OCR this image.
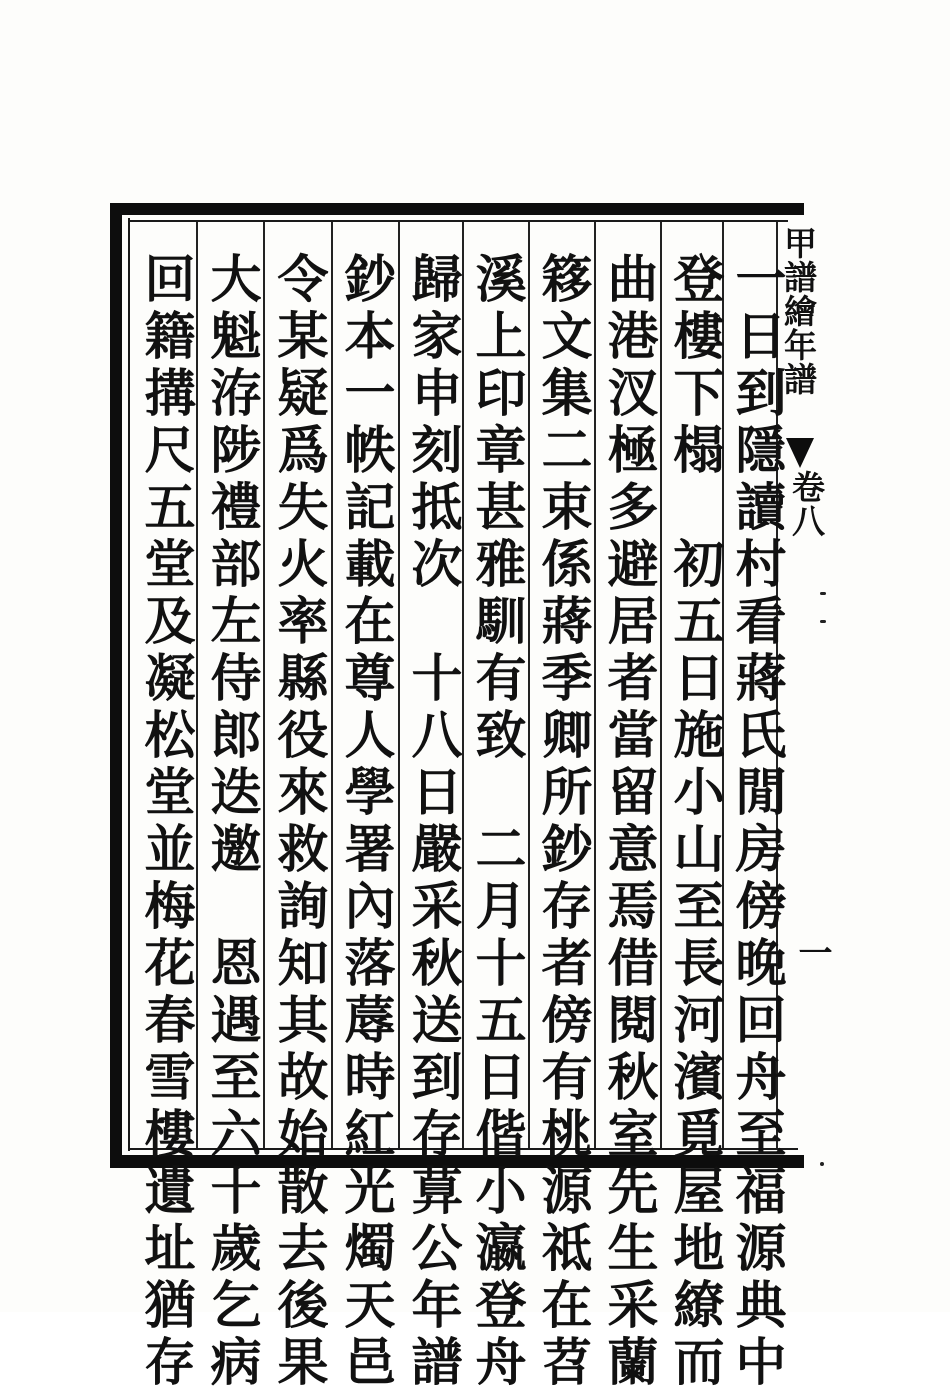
甲譜繪年譜
卷八
一
一日到隱讀村看蔣氏閒房傍晚回舟至福源典中
登樓下榻　初五日施小山至長河濱覓屋地繚而
曲港汊極多避居者當留意焉借閱秋室先生采蘭
簃文集二束係蔣季卿所鈔存者傍有桃源祗在苕
溪上印章甚雅馴有致　二月十五日偕小瀛登舟
歸家申刻抵次　十八日嚴采秋送到存萛公年譜
鈔本一帙記載在尊人學署內落蓐時紅光燭天邑
令某疑爲失火率縣役來救詢知其故始散去後果
大魁洊陟禮部左侍郎迭邀　恩遇至六十歲乞病
回籍搆尺五堂及凝松堂並梅花春雪樓遺址猶存
